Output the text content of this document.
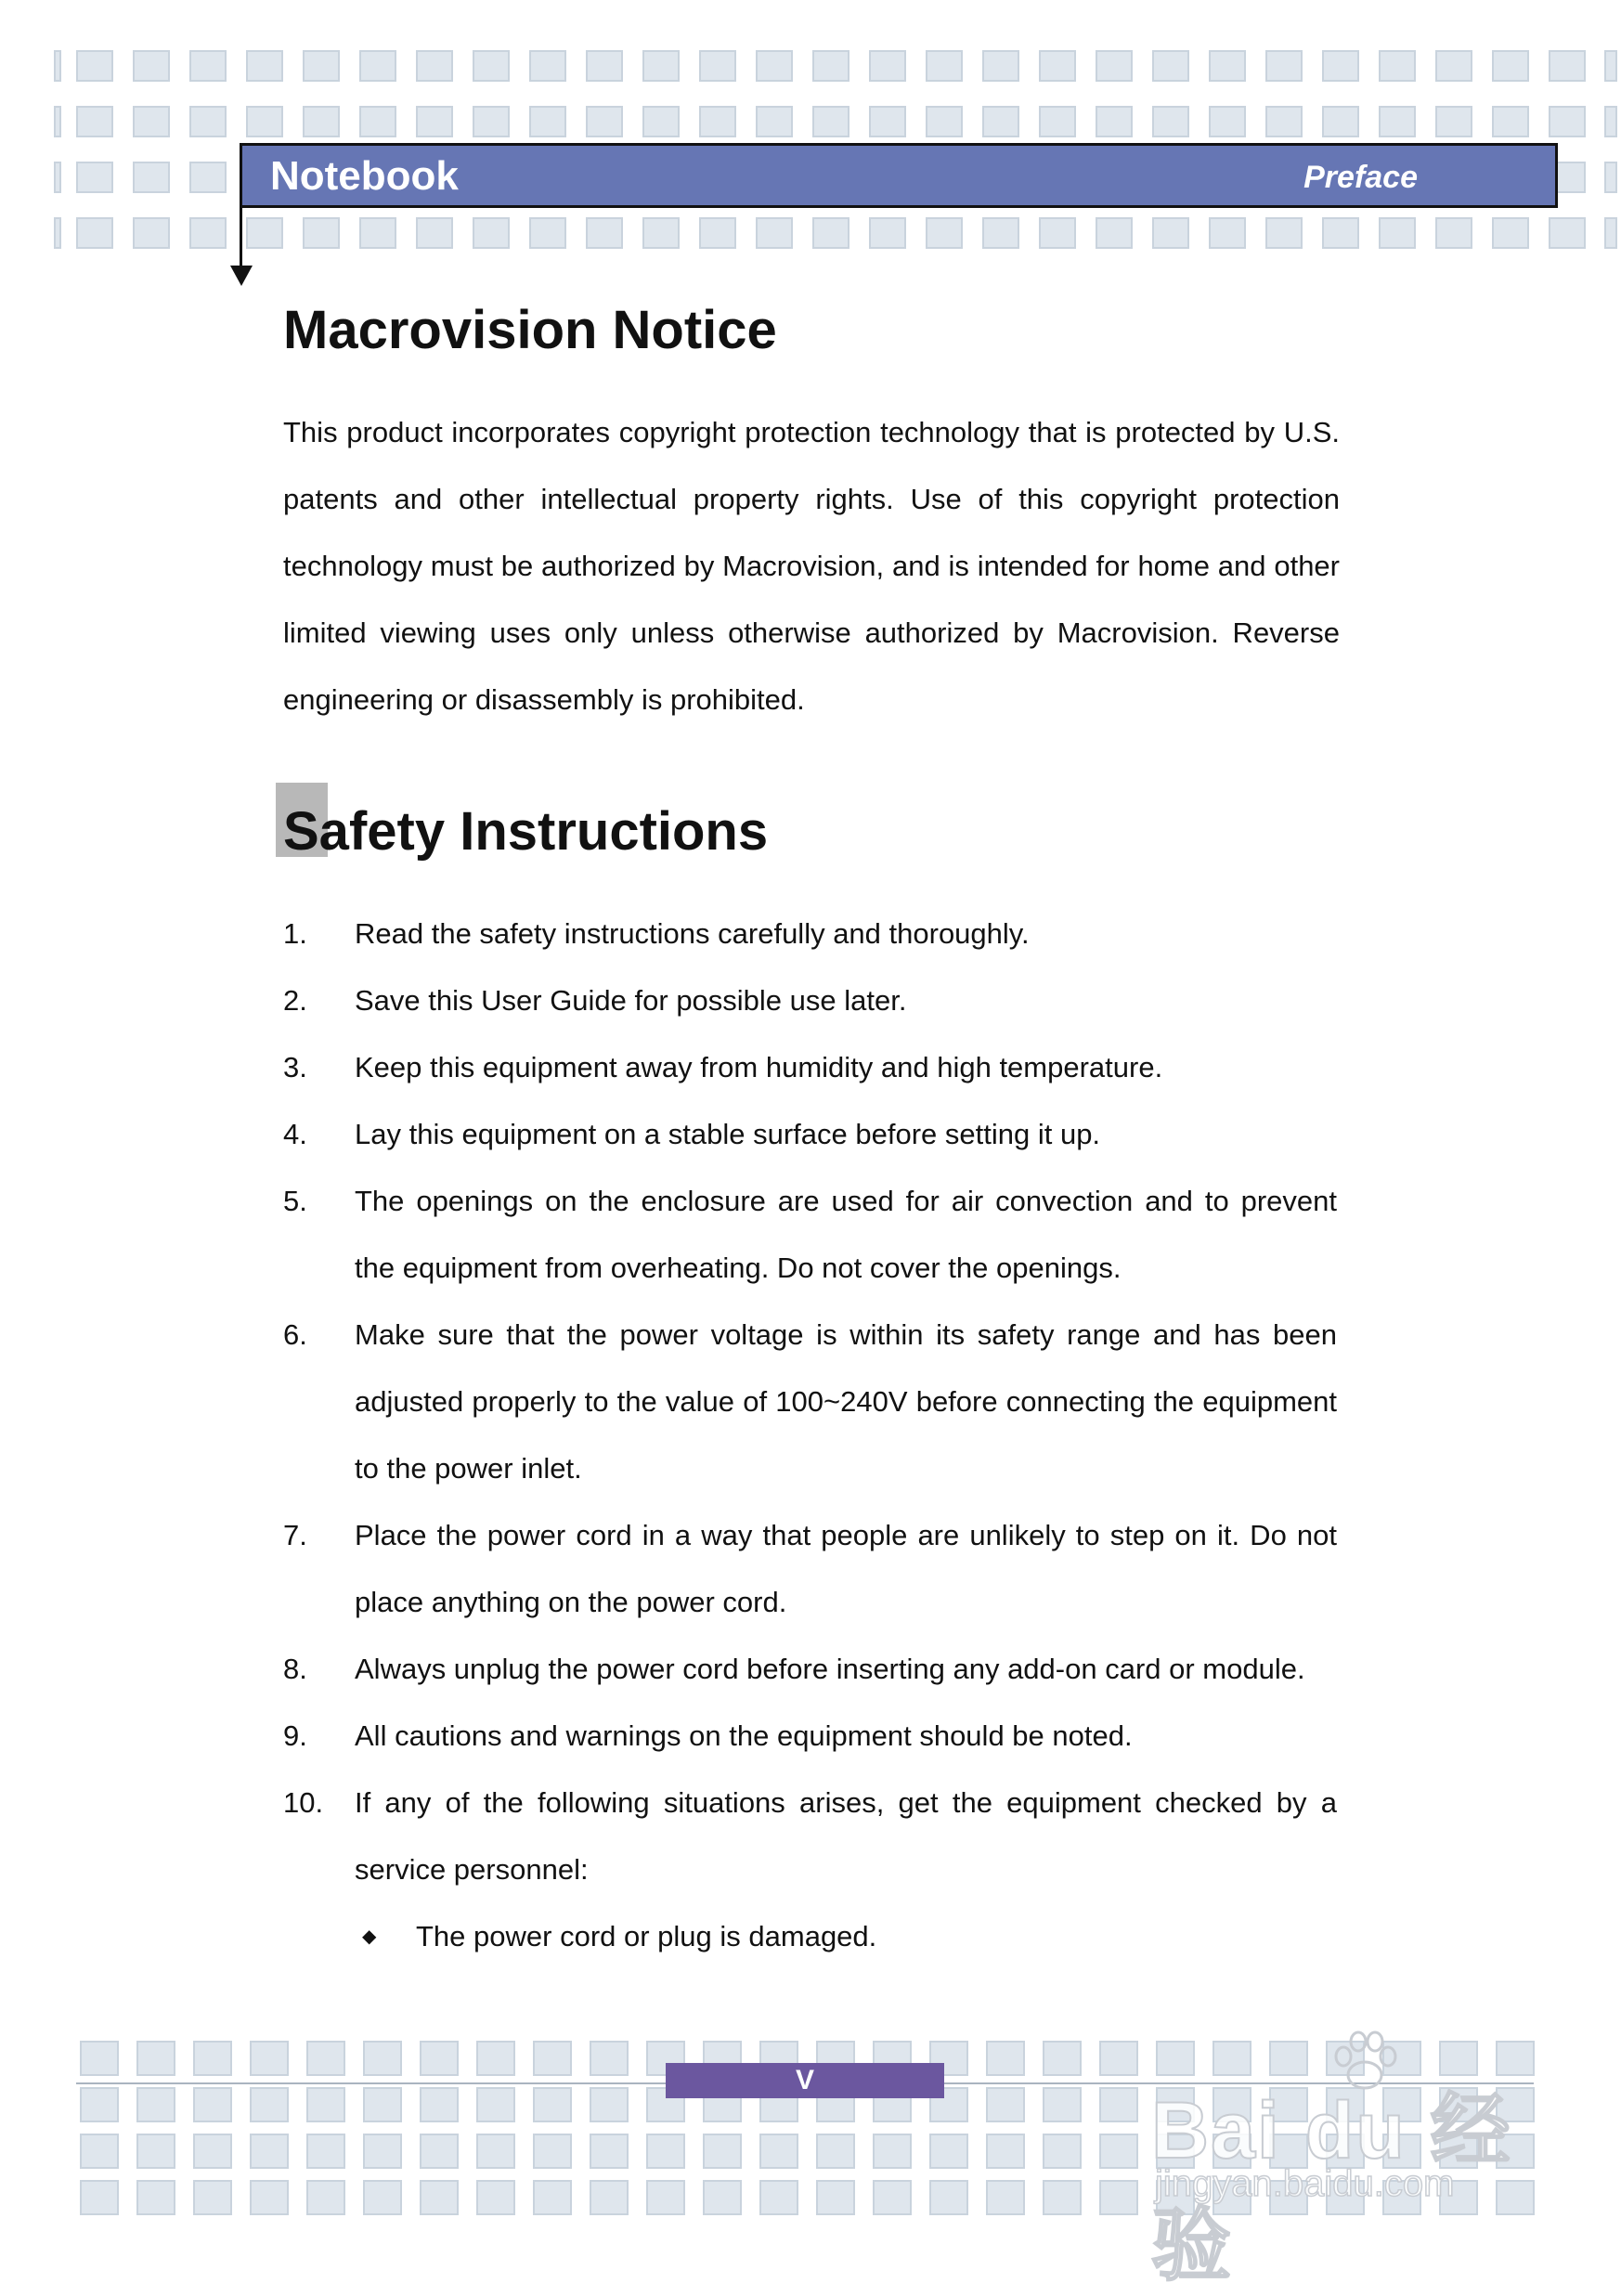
Notebook	Preface
Macrovision Notice

This product incorporates copyright protection technology that is protected by U.S. patents and other intellectual property rights. Use of this copyright protection technology must be authorized by Macrovision, and is intended for home and other limited viewing uses only unless otherwise authorized by Macrovision. Reverse engineering or disassembly is prohibited.

Safety Instructions
1. Read the safety instructions carefully and thoroughly.
2. Save this User Guide for possible use later.
3. Keep this equipment away from humidity and high temperature.
4. Lay this equipment on a stable surface before setting it up.
5. The openings on the enclosure are used for air convection and to prevent the equipment from overheating. Do not cover the openings.
6. Make sure that the power voltage is within its safety range and has been adjusted properly to the value of 100~240V before connecting the equipment to the power inlet.
7. Place the power cord in a way that people are unlikely to step on it. Do not place anything on the power cord.
8. Always unplug the power cord before inserting any add-on card or module.
9. All cautions and warnings on the equipment should be noted.
10. If any of the following situations arises, get the equipment checked by a service personnel:
◆ The power cord or plug is damaged.
V
Bai du 经验
jingyan.baidu.com
